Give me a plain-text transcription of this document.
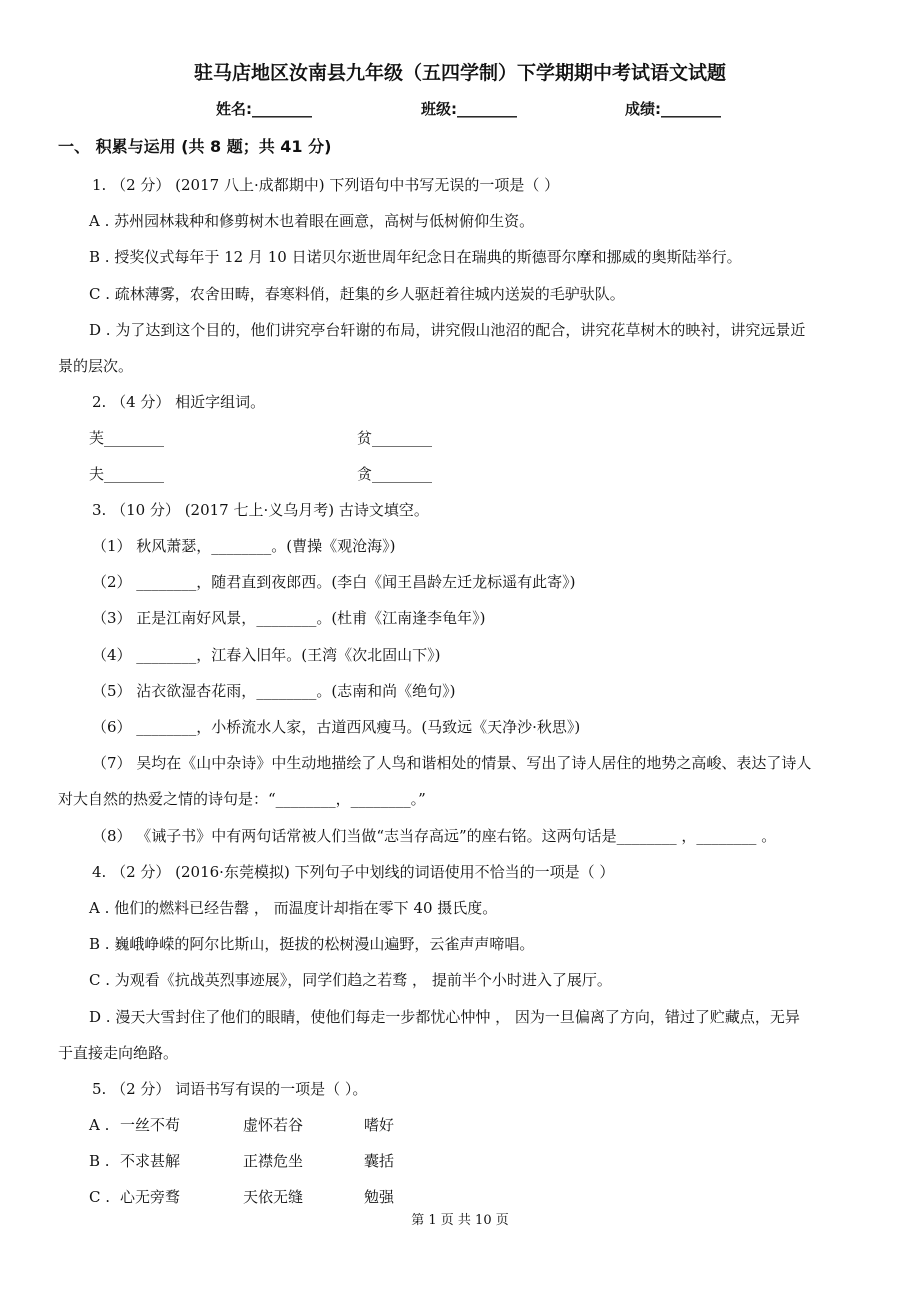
驻马店地区汝南县九年级（五四学制）下学期期中考试语文试题
姓名:________	班级:________	成绩:________
一、 积累与运用 (共 8 题；共 41 分)
1. （2 分） (2017 八上·成都期中) 下列语句中书写无误的一项是（ ）
A . 苏州园林栽种和修剪树木也着眼在画意，高树与低树俯仰生资。
B . 授奖仪式每年于 12 月 10 日诺贝尔逝世周年纪念日在瑞典的斯德哥尔摩和挪威的奥斯陆举行。
C . 疏林薄雾，农舍田畴，春寒料俏，赶集的乡人驱赶着往城内送炭的毛驴驮队。
D . 为了达到这个目的，他们讲究亭台轩谢的布局，讲究假山池沼的配合，讲究花草树木的映衬，讲究远景近
景的层次。
2. （4 分） 相近字组词。
芙________	贫________
夫________	贪________
3. （10 分） (2017 七上·义乌月考) 古诗文填空。
（1） 秋风萧瑟，________。(曹操《观沧海》)
（2） ________，随君直到夜郎西。(李白《闻王昌龄左迁龙标遥有此寄》)
（3） 正是江南好风景，________。(杜甫《江南逢李龟年》)
（4） ________，江春入旧年。(王湾《次北固山下》)
（5） 沾衣欲湿杏花雨，________。(志南和尚《绝句》)
（6） ________，小桥流水人家，古道西风瘦马。(马致远《天净沙·秋思》)
（7） 吴均在《山中杂诗》中生动地描绘了人鸟和谐相处的情景、写出了诗人居住的地势之高峻、表达了诗人
对大自然的热爱之情的诗句是：“________，________。”
（8） 《诫子书》中有两句话常被人们当做“志当存高远”的座右铭。这两句话是________ ，________ 。
4. （2 分） (2016·东莞模拟) 下列句子中划线的词语使用不恰当的一项是（ ）
A . 他们的燃料已经告罄 ， 而温度计却指在零下 40 摄氏度。
B . 巍峨峥嵘的阿尔比斯山，挺拔的松树漫山遍野，云雀声声啼唱。
C . 为观看《抗战英烈事迹展》，同学们趋之若骛 ， 提前半个小时进入了展厅。
D . 漫天大雪封住了他们的眼睛，使他们每走一步都忧心忡忡 ， 因为一旦偏离了方向，错过了贮藏点，无异
于直接走向绝路。
5. （2 分） 词语书写有误的一项是（ ）。
A . 一丝不苟	虚怀若谷	嗜好
B . 不求甚解	正襟危坐	囊括
C . 心无旁骛	天依无缝	勉强
第 1 页 共 10 页
